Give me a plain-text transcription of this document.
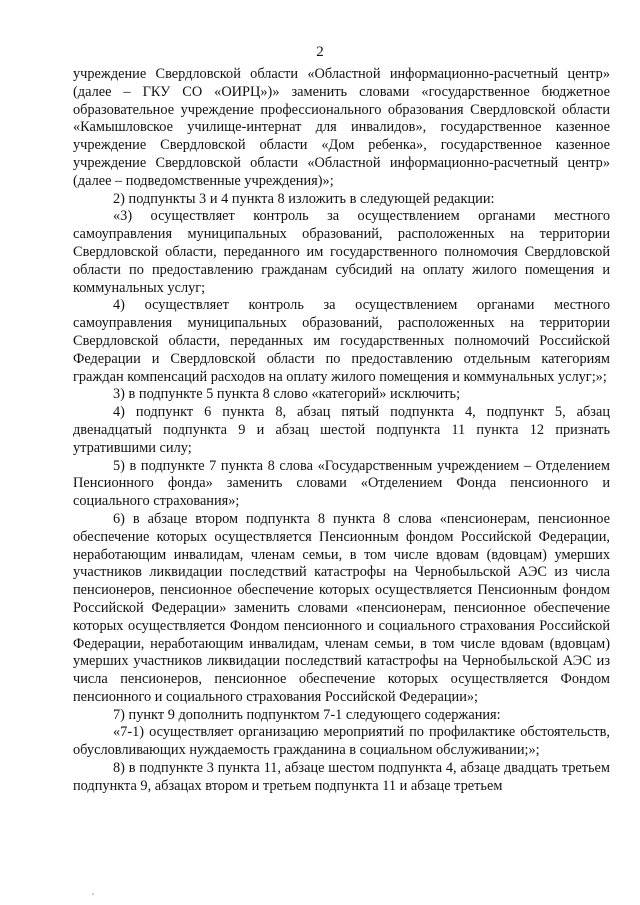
2

учреждение Свердловской области «Областной информационно-расчетный центр» (далее – ГКУ СО «ОИРЦ»)» заменить словами «государственное бюджетное образовательное учреждение профессионального образования Свердловской области «Камышловское училище-интернат для инвалидов», государственное казенное учреждение Свердловской области «Дом ребенка», государственное казенное учреждение Свердловской области «Областной информационно-расчетный центр» (далее – подведомственные учреждения)»;

2) подпункты 3 и 4 пункта 8 изложить в следующей редакции:

«3) осуществляет контроль за осуществлением органами местного самоуправления муниципальных образований, расположенных на территории Свердловской области, переданного им государственного полномочия Свердловской области по предоставлению гражданам субсидий на оплату жилого помещения и коммунальных услуг;

4) осуществляет контроль за осуществлением органами местного самоуправления муниципальных образований, расположенных на территории Свердловской области, переданных им государственных полномочий Российской Федерации и Свердловской области по предоставлению отдельным категориям граждан компенсаций расходов на оплату жилого помещения и коммунальных услуг;»;

3) в подпункте 5 пункта 8 слово «категорий» исключить;

4) подпункт 6 пункта 8, абзац пятый подпункта 4, подпункт 5, абзац двенадцатый подпункта 9 и абзац шестой подпункта 11 пункта 12 признать утратившими силу;

5) в подпункте 7 пункта 8 слова «Государственным учреждением – Отделением Пенсионного фонда» заменить словами «Отделением Фонда пенсионного и социального страхования»;

6) в абзаце втором подпункта 8 пункта 8 слова «пенсионерам, пенсионное обеспечение которых осуществляется Пенсионным фондом Российской Федерации, неработающим инвалидам, членам семьи, в том числе вдовам (вдовцам) умерших участников ликвидации последствий катастрофы на Чернобыльской АЭС из числа пенсионеров, пенсионное обеспечение которых осуществляется Пенсионным фондом Российской Федерации» заменить словами «пенсионерам, пенсионное обеспечение которых осуществляется Фондом пенсионного и социального страхования Российской Федерации, неработающим инвалидам, членам семьи, в том числе вдовам (вдовцам) умерших участников ликвидации последствий катастрофы на Чернобыльской АЭС из числа пенсионеров, пенсионное обеспечение которых осуществляется Фондом пенсионного и социального страхования Российской Федерации»;

7) пункт 9 дополнить подпунктом 7-1 следующего содержания:

«7-1) осуществляет организацию мероприятий по профилактике обстоятельств, обусловливающих нуждаемость гражданина в социальном обслуживании;»;

8) в подпункте 3 пункта 11, абзаце шестом подпункта 4, абзаце двадцать третьем подпункта 9, абзацах втором и третьем подпункта 11 и абзаце третьем
